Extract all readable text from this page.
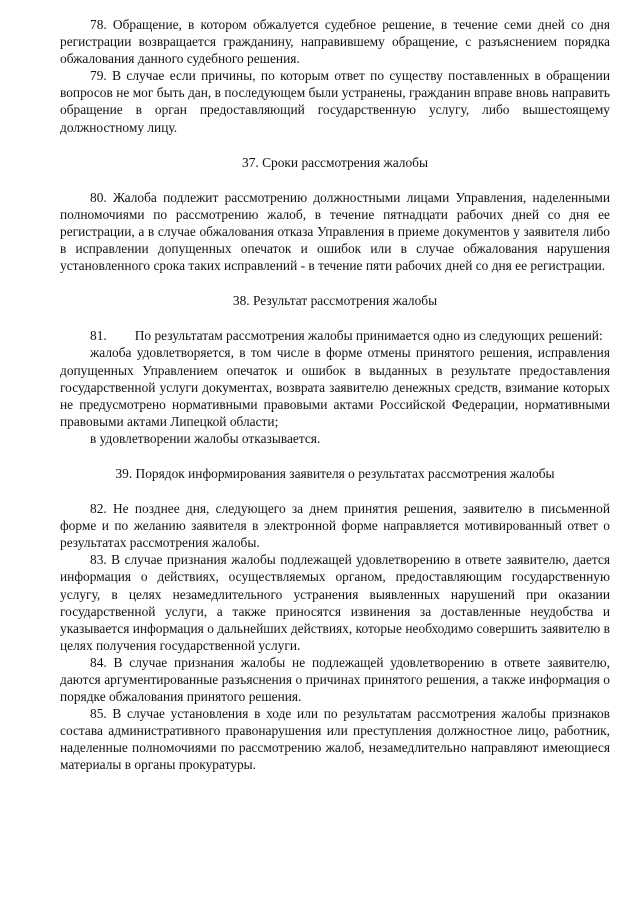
78. Обращение, в котором обжалуется судебное решение, в течение семи дней со дня регистрации возвращается гражданину, направившему обращение, с разъяснением порядка обжалования данного судебного решения.

79. В случае если причины, по которым ответ по существу поставленных в обращении вопросов не мог быть дан, в последующем были устранены, гражданин вправе вновь направить обращение в орган предоставляющий государственную услугу, либо вышестоящему должностному лицу.

37. Сроки рассмотрения жалобы

80. Жалоба подлежит рассмотрению должностными лицами Управления, наделенными полномочиями по рассмотрению жалоб, в течение пятнадцати рабочих дней со дня ее регистрации, а в случае обжалования отказа Управления в приеме документов у заявителя либо в исправлении допущенных опечаток и ошибок или в случае обжалования нарушения установленного срока таких исправлений - в течение пяти рабочих дней со дня ее регистрации.

38. Результат рассмотрения жалобы

81. По результатам рассмотрения жалобы принимается одно из следующих решений:

жалоба удовлетворяется, в том числе в форме отмены принятого решения, исправления допущенных Управлением опечаток и ошибок в выданных в результате предоставления государственной услуги документах, возврата заявителю денежных средств, взимание которых не предусмотрено нормативными правовыми актами Российской Федерации, нормативными правовыми актами Липецкой области;

в удовлетворении жалобы отказывается.

39. Порядок информирования заявителя о результатах рассмотрения жалобы

82. Не позднее дня, следующего за днем принятия решения, заявителю в письменной форме и по желанию заявителя в электронной форме направляется мотивированный ответ о результатах рассмотрения жалобы.

83. В случае признания жалобы подлежащей удовлетворению в ответе заявителю, дается информация о действиях, осуществляемых органом, предоставляющим государственную услугу, в целях незамедлительного устранения выявленных нарушений при оказании государственной услуги, а также приносятся извинения за доставленные неудобства и указывается информация о дальнейших действиях, которые необходимо совершить заявителю в целях получения государственной услуги.

84. В случае признания жалобы не подлежащей удовлетворению в ответе заявителю, даются аргументированные разъяснения о причинах принятого решения, а также информация о порядке обжалования принятого решения.

85. В случае установления в ходе или по результатам рассмотрения жалобы признаков состава административного правонарушения или преступления должностное лицо, работник, наделенные полномочиями по рассмотрению жалоб, незамедлительно направляют имеющиеся материалы в органы прокуратуры.
